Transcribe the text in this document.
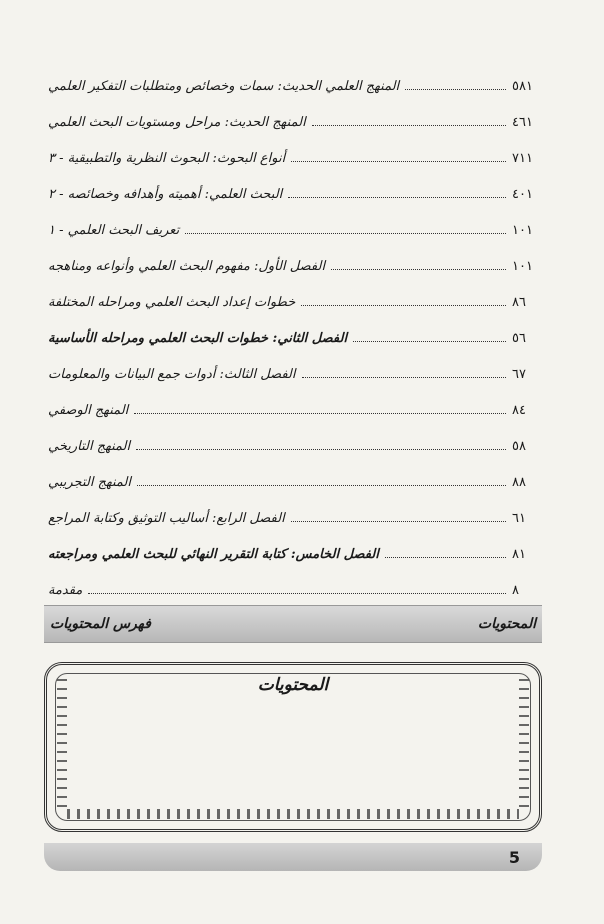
٥٨١
المنهج العلمي الحديث: سمات وخصائص ومتطلبات التفكير العلمي
٤٦١
المنهج الحديث: مراحل ومستويات البحث العلمي
٧١١
أنواع البحوث: البحوث النظرية والتطبيقية - ٣
٤٠١
البحث العلمي: أهميته وأهدافه وخصائصه - ٢
١٠١
تعريف البحث العلمي - ١
١٠١
الفصل الأول: مفهوم البحث العلمي وأنواعه ومناهجه
٨٦
خطوات إعداد البحث العلمي ومراحله المختلفة
٥٦
الفصل الثاني: خطوات البحث العلمي ومراحله الأساسية
٦٧
الفصل الثالث: أدوات جمع البيانات والمعلومات
٨٤
المنهج الوصفي
٥٨
المنهج التاريخي
٨٨
المنهج التجريبي
٦١
الفصل الرابع: أساليب التوثيق وكتابة المراجع
٨١
الفصل الخامس: كتابة التقرير النهائي للبحث العلمي ومراجعته
٨
مقدمة
فهرس المحتويات	المحتويات
المحتويات
5
